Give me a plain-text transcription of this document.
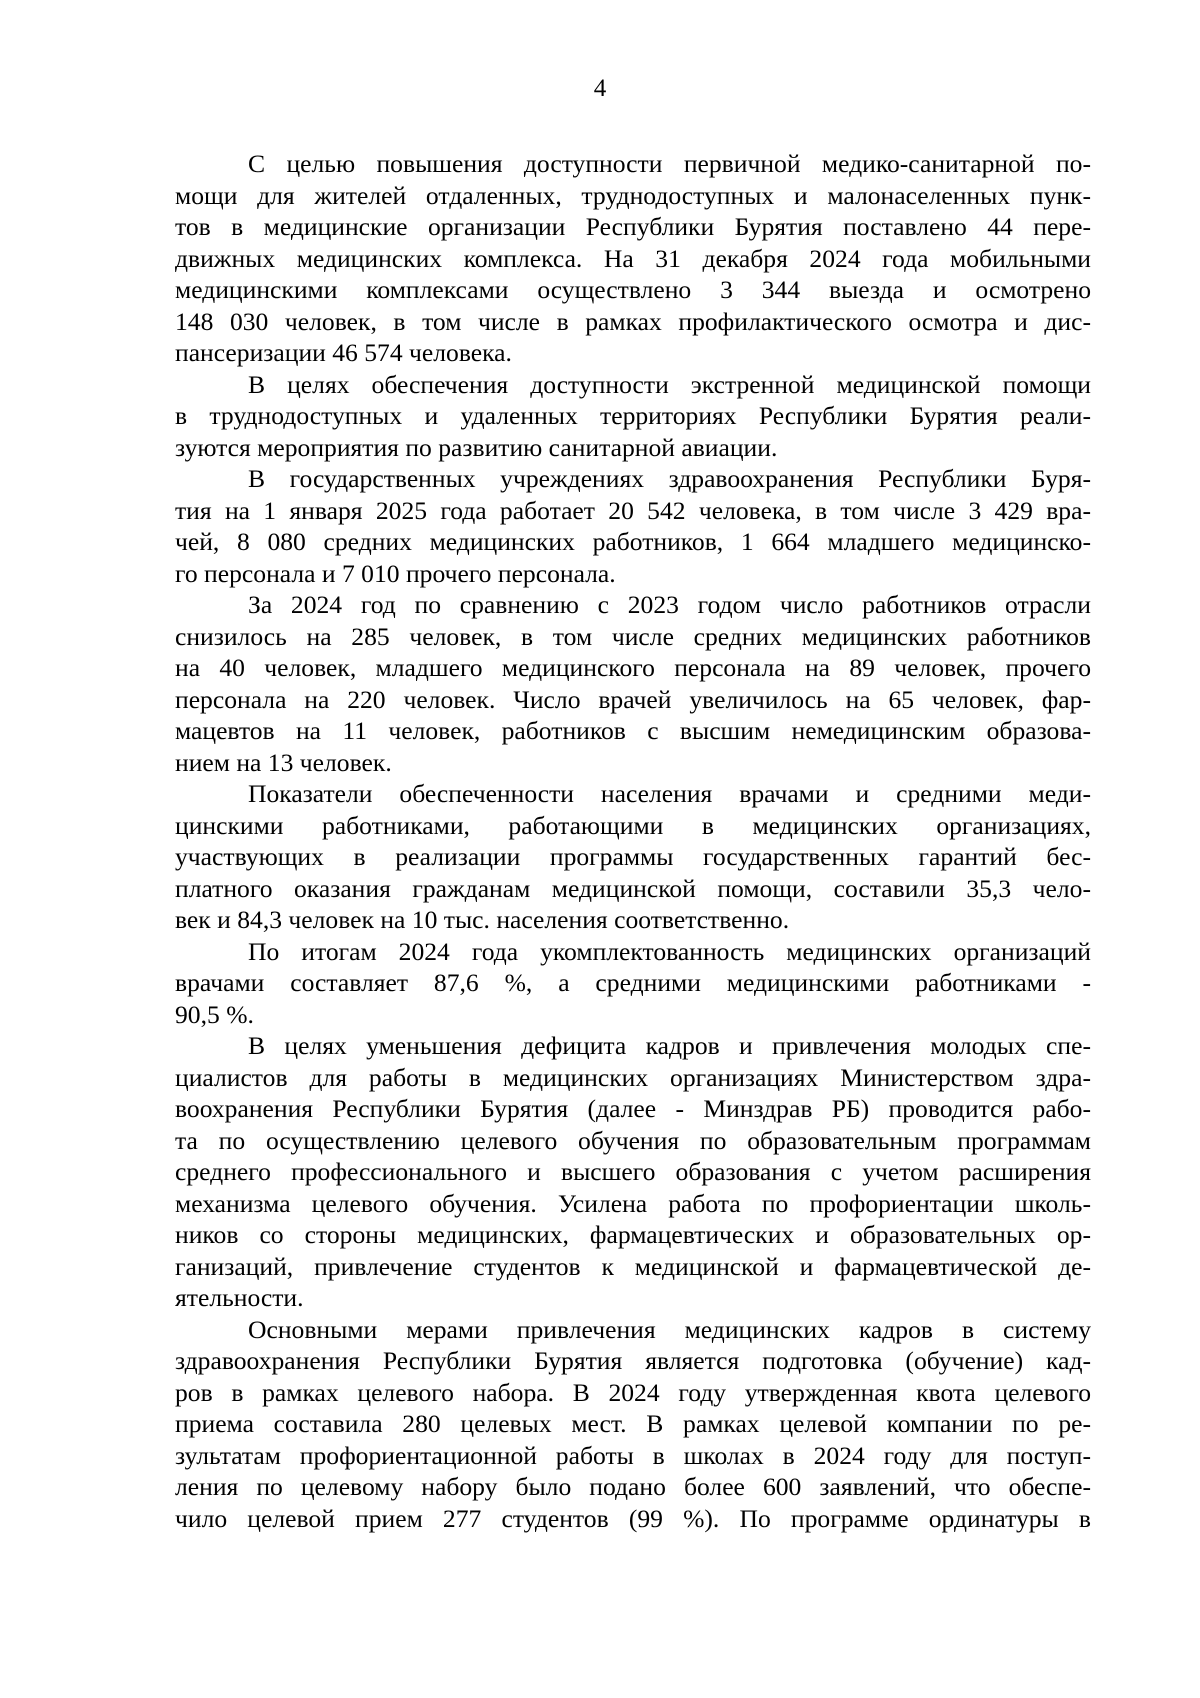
4

С целью повышения доступности первичной медико-санитарной по-
мощи для жителей отдаленных, труднодоступных и малонаселенных пунк-
тов в медицинские организации Республики Бурятия поставлено 44 пере-
движных медицинских комплекса. На 31 декабря 2024 года мобильными
медицинскими комплексами осуществлено 3 344 выезда и осмотрено
148 030 человек, в том числе в рамках профилактического осмотра и дис-
пансеризации 46 574 человека.

В целях обеспечения доступности экстренной медицинской помощи
в труднодоступных и удаленных территориях Республики Бурятия реали-
зуются мероприятия по развитию санитарной авиации.

В государственных учреждениях здравоохранения Республики Буря-
тия на 1 января 2025 года работает 20 542 человека, в том числе 3 429 вра-
чей, 8 080 средних медицинских работников, 1 664 младшего медицинско-
го персонала и 7 010 прочего персонала.

За 2024 год по сравнению с 2023 годом число работников отрасли
снизилось на 285 человек, в том числе средних медицинских работников
на 40 человек, младшего медицинского персонала на 89 человек, прочего
персонала на 220 человек. Число врачей увеличилось на 65 человек, фар-
мацевтов на 11 человек, работников с высшим немедицинским образова-
нием на 13 человек.

Показатели обеспеченности населения врачами и средними меди-
цинскими работниками, работающими в медицинских организациях,
участвующих в реализации программы государственных гарантий бес-
платного оказания гражданам медицинской помощи, составили 35,3 чело-
век и 84,3 человек на 10 тыс. населения соответственно.

По итогам 2024 года укомплектованность медицинских организаций
врачами составляет 87,6 %, а средними медицинскими работниками -
90,5 %.

В целях уменьшения дефицита кадров и привлечения молодых спе-
циалистов для работы в медицинских организациях Министерством здра-
воохранения Республики Бурятия (далее - Минздрав РБ) проводится рабо-
та по осуществлению целевого обучения по образовательным программам
среднего профессионального и высшего образования с учетом расширения
механизма целевого обучения. Усилена работа по профориентации школь-
ников со стороны медицинских, фармацевтических и образовательных ор-
ганизаций, привлечение студентов к медицинской и фармацевтической де-
ятельности.

Основными мерами привлечения медицинских кадров в систему
здравоохранения Республики Бурятия является подготовка (обучение) кад-
ров в рамках целевого набора. В 2024 году утвержденная квота целевого
приема составила 280 целевых мест. В рамках целевой компании по ре-
зультатам профориентационной работы в школах в 2024 году для поступ-
ления по целевому набору было подано более 600 заявлений, что обеспе-
чило целевой прием 277 студентов (99 %). По программе ординатуры в
